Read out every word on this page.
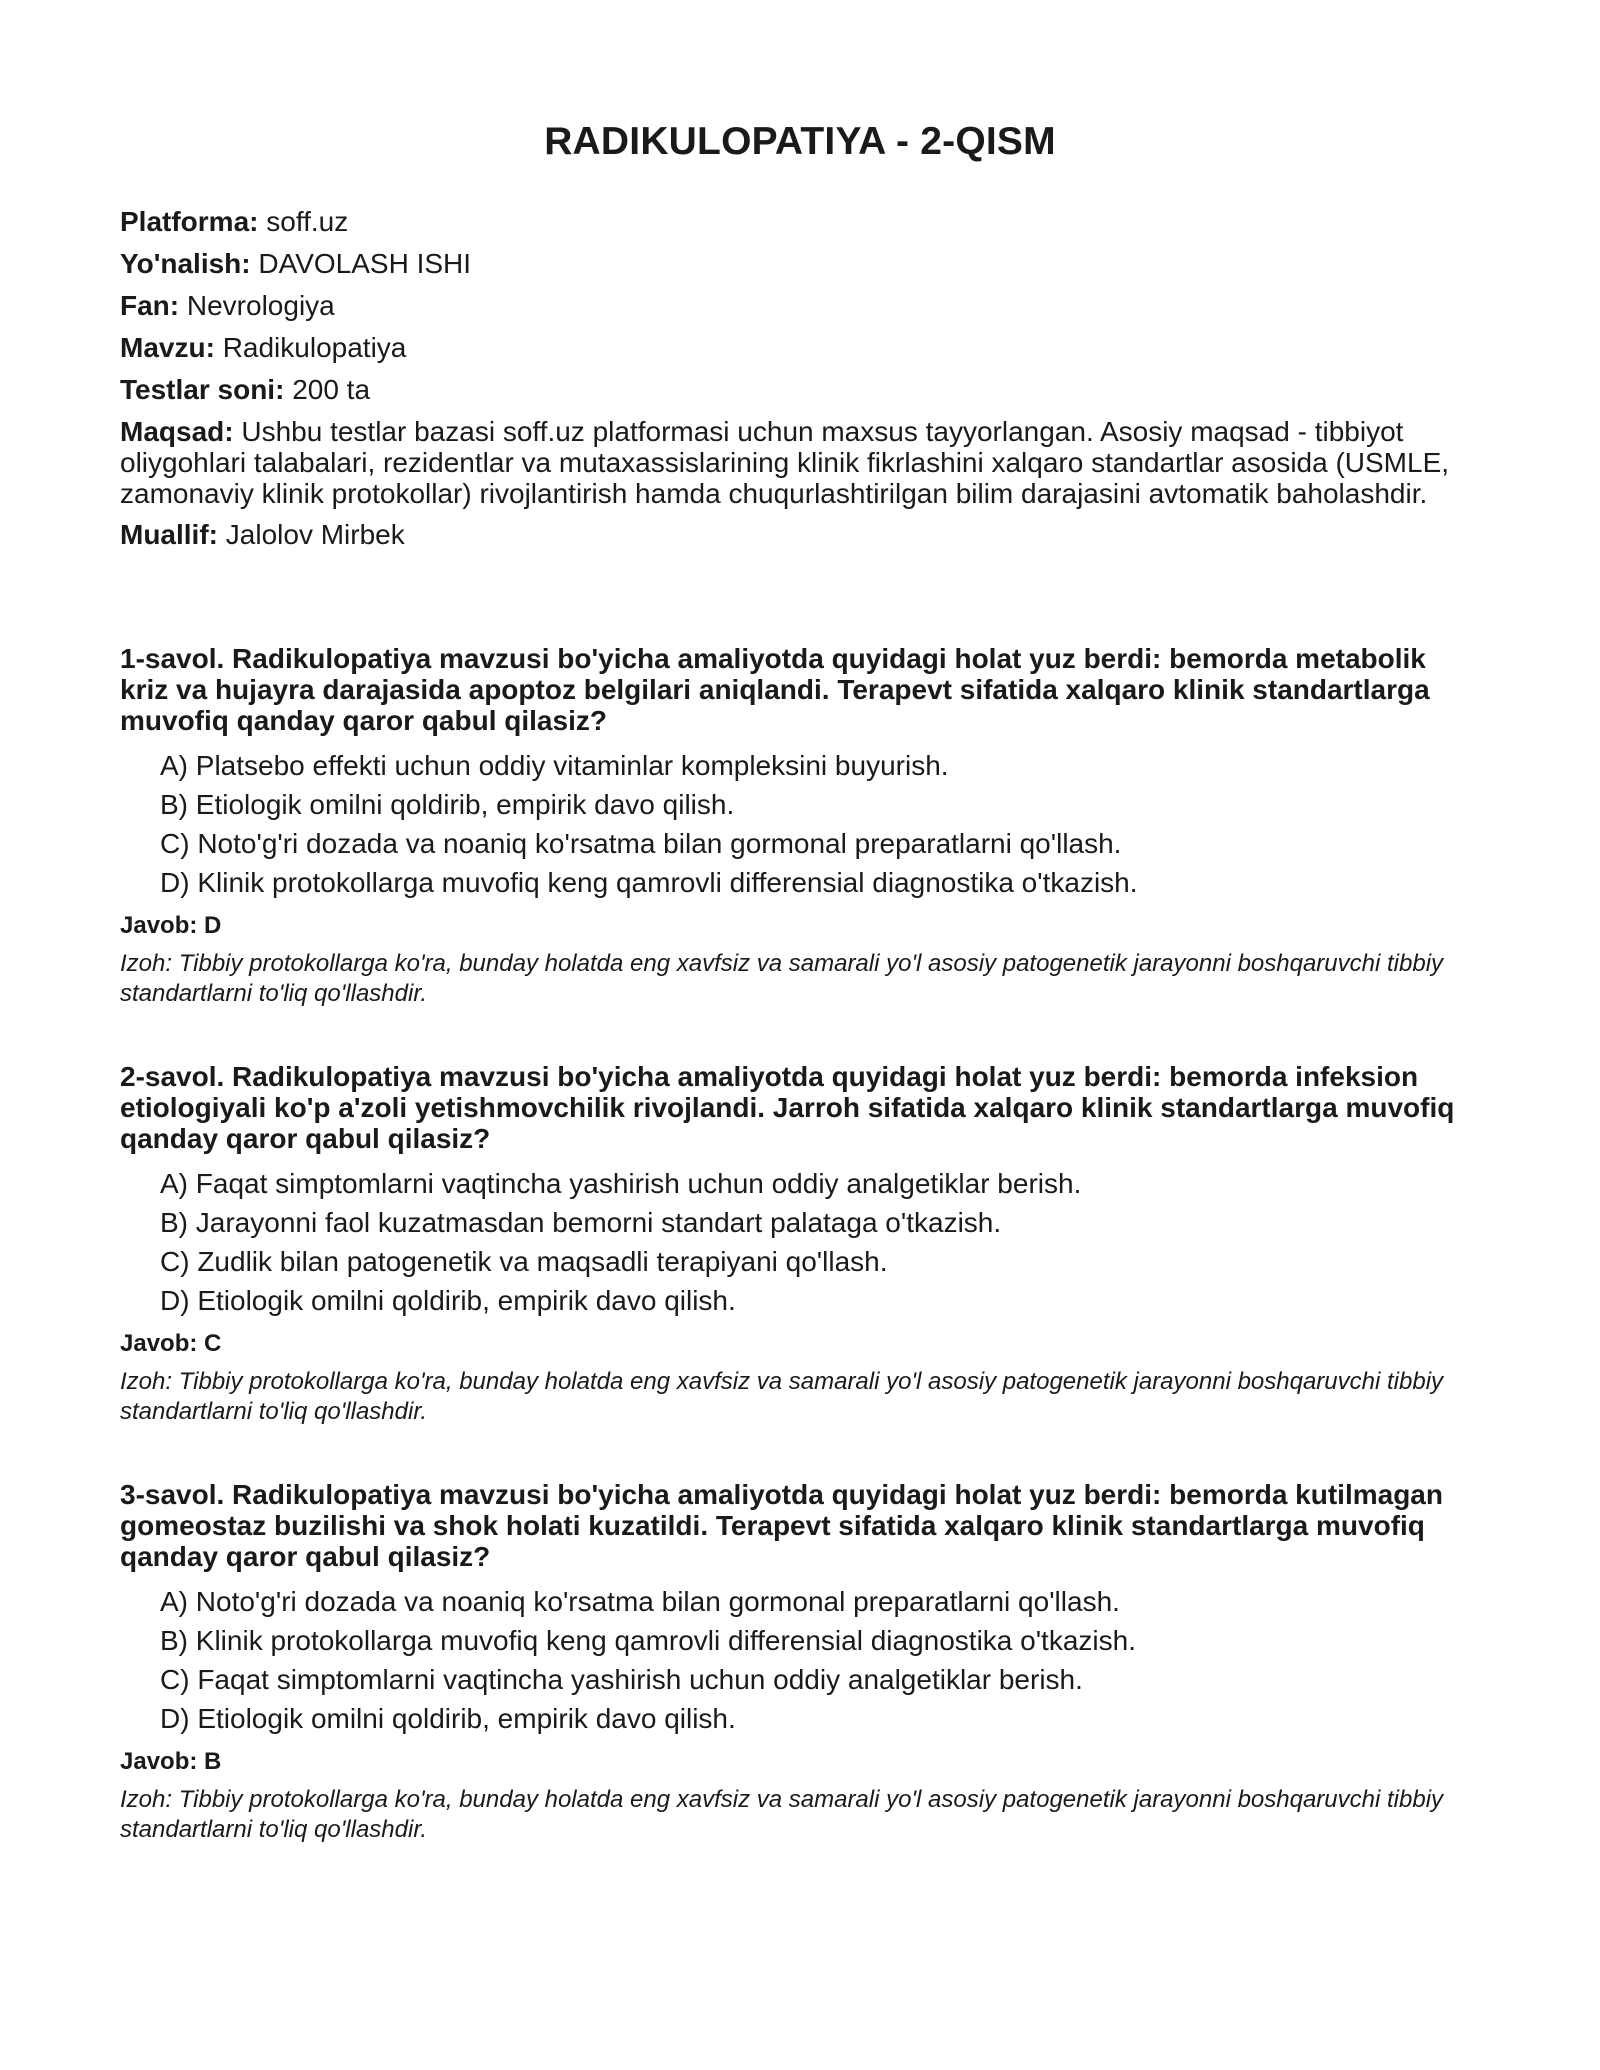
RADIKULOPATIYA - 2-QISM

Platforma: soff.uz

Yo'nalish: DAVOLASH ISHI

Fan: Nevrologiya

Mavzu: Radikulopatiya

Testlar soni: 200 ta

Maqsad: Ushbu testlar bazasi soff.uz platformasi uchun maxsus tayyorlangan. Asosiy maqsad - tibbiyot oliygohlari talabalari, rezidentlar va mutaxassislarining klinik fikrlashini xalqaro standartlar asosida (USMLE, zamonaviy klinik protokollar) rivojlantirish hamda chuqurlashtirilgan bilim darajasini avtomatik baholashdir.

Muallif: Jalolov Mirbek

1-savol. Radikulopatiya mavzusi bo'yicha amaliyotda quyidagi holat yuz berdi: bemorda metabolik kriz va hujayra darajasida apoptoz belgilari aniqlandi. Terapevt sifatida xalqaro klinik standartlarga muvofiq qanday qaror qabul qilasiz?

A) Platsebo effekti uchun oddiy vitaminlar kompleksini buyurish.
B) Etiologik omilni qoldirib, empirik davo qilish.
C) Noto'g'ri dozada va noaniq ko'rsatma bilan gormonal preparatlarni qo'llash.
D) Klinik protokollarga muvofiq keng qamrovli differensial diagnostika o'tkazish.

Javob: D

Izoh: Tibbiy protokollarga ko'ra, bunday holatda eng xavfsiz va samarali yo'l asosiy patogenetik jarayonni boshqaruvchi tibbiy standartlarni to'liq qo'llashdir.

2-savol. Radikulopatiya mavzusi bo'yicha amaliyotda quyidagi holat yuz berdi: bemorda infeksion etiologiyali ko'p a'zoli yetishmovchilik rivojlandi. Jarroh sifatida xalqaro klinik standartlarga muvofiq qanday qaror qabul qilasiz?

A) Faqat simptomlarni vaqtincha yashirish uchun oddiy analgetiklar berish.
B) Jarayonni faol kuzatmasdan bemorni standart palataga o'tkazish.
C) Zudlik bilan patogenetik va maqsadli terapiyani qo'llash.
D) Etiologik omilni qoldirib, empirik davo qilish.

Javob: C

Izoh: Tibbiy protokollarga ko'ra, bunday holatda eng xavfsiz va samarali yo'l asosiy patogenetik jarayonni boshqaruvchi tibbiy standartlarni to'liq qo'llashdir.

3-savol. Radikulopatiya mavzusi bo'yicha amaliyotda quyidagi holat yuz berdi: bemorda kutilmagan gomeostaz buzilishi va shok holati kuzatildi. Terapevt sifatida xalqaro klinik standartlarga muvofiq qanday qaror qabul qilasiz?

A) Noto'g'ri dozada va noaniq ko'rsatma bilan gormonal preparatlarni qo'llash.
B) Klinik protokollarga muvofiq keng qamrovli differensial diagnostika o'tkazish.
C) Faqat simptomlarni vaqtincha yashirish uchun oddiy analgetiklar berish.
D) Etiologik omilni qoldirib, empirik davo qilish.

Javob: B

Izoh: Tibbiy protokollarga ko'ra, bunday holatda eng xavfsiz va samarali yo'l asosiy patogenetik jarayonni boshqaruvchi tibbiy standartlarni to'liq qo'llashdir.
